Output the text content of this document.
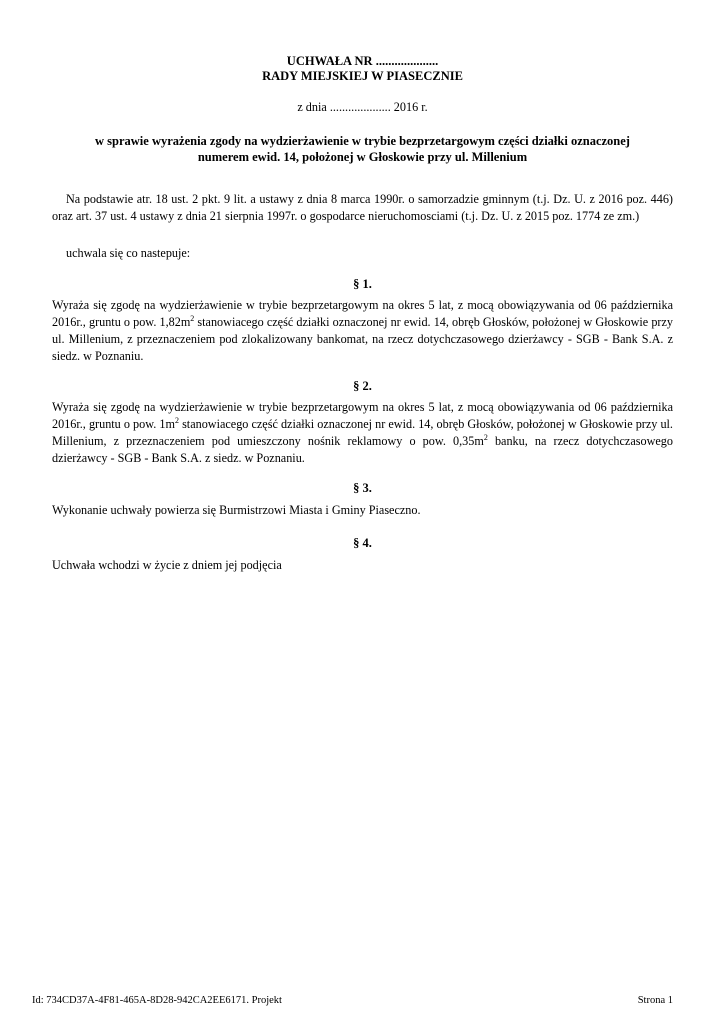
UCHWAŁA NR ....................
RADY MIEJSKIEJ W PIASECZNIE
z dnia .................... 2016 r.
w sprawie wyrażenia zgody na wydzierżawienie w trybie bezprzetargowym części działki oznaczonej
numerem ewid. 14, położonej w Głoskowie przy ul. Millenium
Na podstawie atr. 18 ust. 2 pkt. 9 lit. a ustawy z dnia 8 marca 1990r. o samorzadzie gminnym (t.j. Dz. U. z 2016 poz. 446) oraz art. 37 ust. 4 ustawy z dnia 21 sierpnia 1997r. o gospodarce nieruchomosciami (t.j. Dz. U. z 2015 poz. 1774 ze zm.)
uchwala się co nastepuje:
§ 1.
Wyraża się zgodę na wydzierżawienie w trybie bezprzetargowym na okres 5 lat, z mocą obowiązywania od 06 października 2016r., gruntu o pow. $1,82m^2$ stanowiacego część działki oznaczonej nr ewid. 14, obręb Głosków, położonej w Głoskowie przy ul. Millenium, z przeznaczeniem pod zlokalizowany bankomat, na rzecz dotychczasowego dzierżawcy - SGB - Bank S.A. z siedz. w Poznaniu.
§ 2.
Wyraża się zgodę na wydzierżawienie w trybie bezprzetargowym na okres 5 lat, z mocą obowiązywania od 06 października 2016r., gruntu o pow. $1m^2$ stanowiacego część działki oznaczonej nr ewid. 14, obręb Głosków, położonej w Głoskowie przy ul. Millenium, z przeznaczeniem pod umieszczony nośnik reklamowy o pow. $0,35m^2$ banku, na rzecz dotychczasowego dzierżawcy - SGB - Bank S.A. z siedz. w Poznaniu.
§ 3.
Wykonanie uchwały powierza się Burmistrzowi Miasta i Gminy Piaseczno.
§ 4.
Uchwała wchodzi w życie z dniem jej podjęcia
Id: 734CD37A-4F81-465A-8D28-942CA2EE6171. Projekt	Strona 1
